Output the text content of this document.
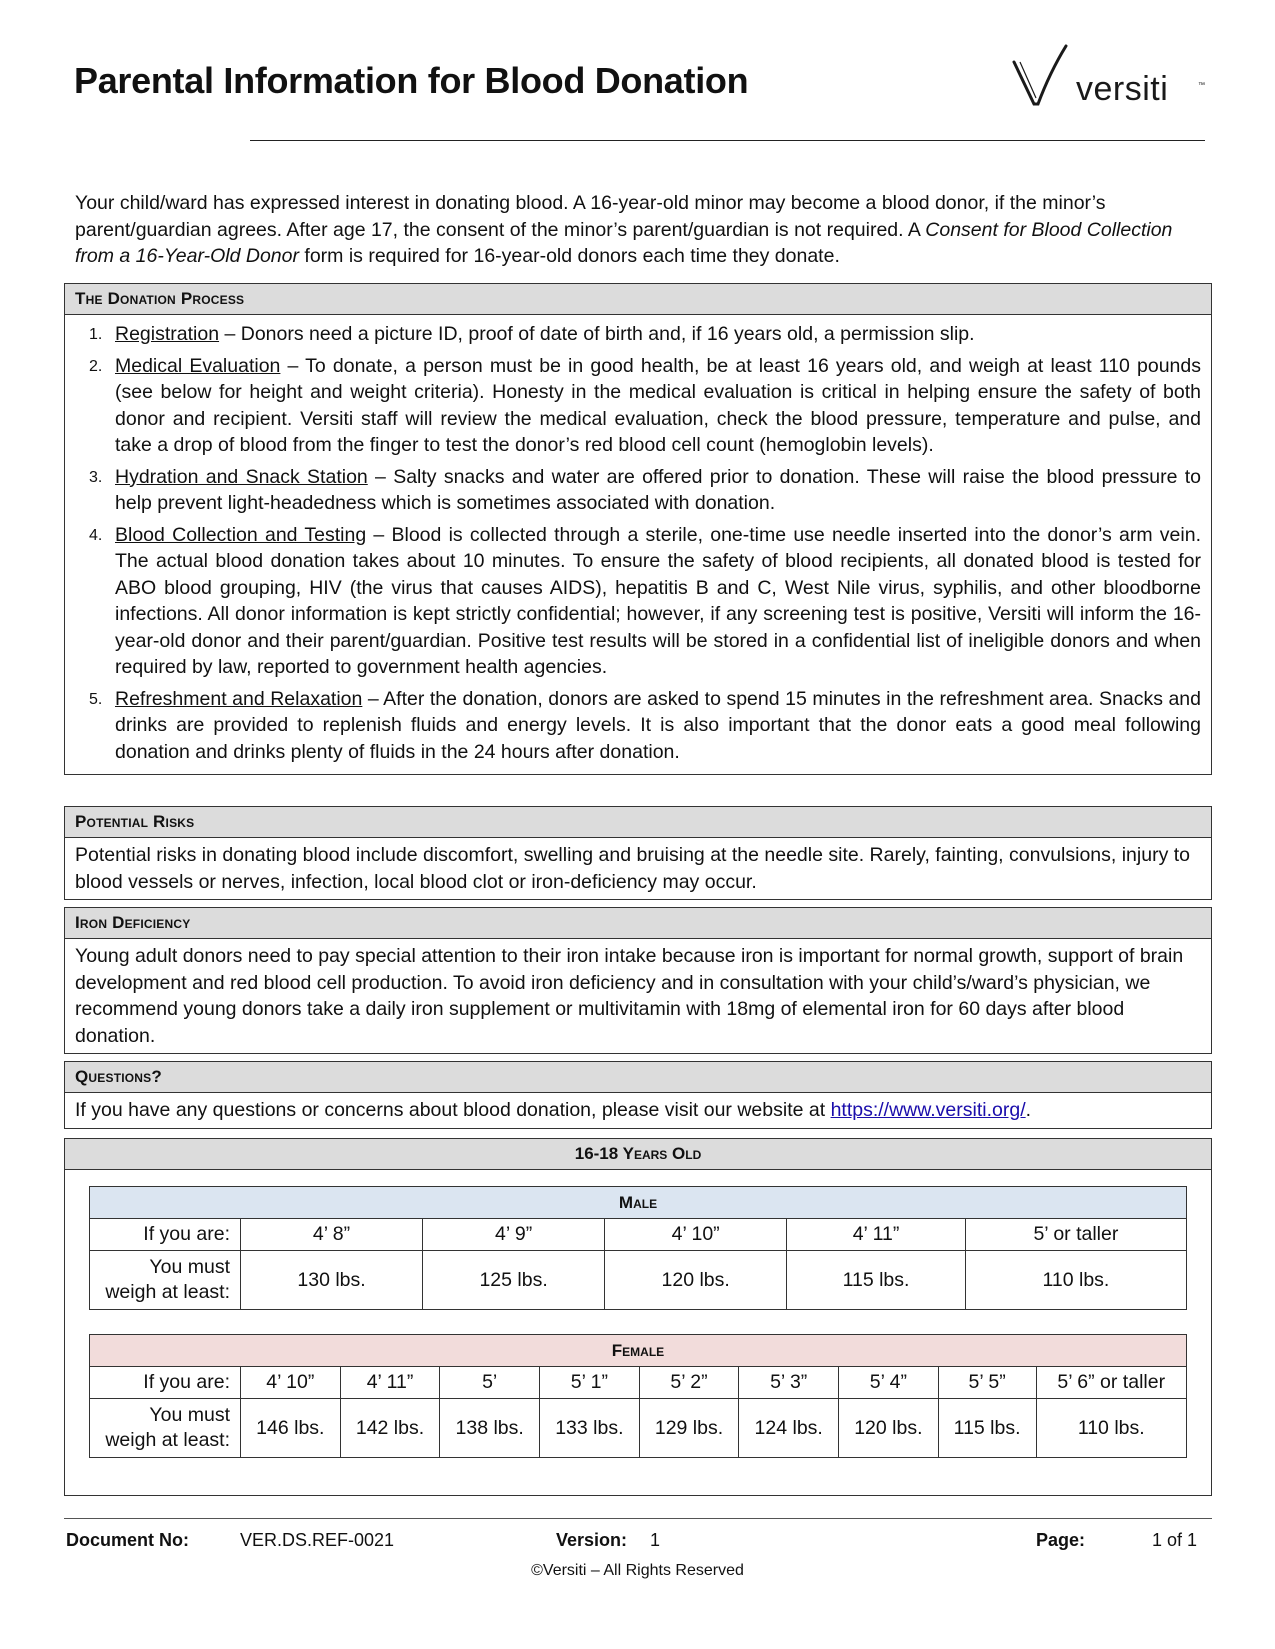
Parental Information for Blood Donation	versiti	™
Your child/ward has expressed interest in donating blood. A 16-year-old minor may become a blood donor, if the minor’s parent/guardian agrees. After age 17, the consent of the minor’s parent/guardian is not required. A Consent for Blood Collection from a 16-Year-Old Donor form is required for 16-year-old donors each time they donate.
The Donation Process
1. Registration – Donors need a picture ID, proof of date of birth and, if 16 years old, a permission slip.
2. Medical Evaluation – To donate, a person must be in good health, be at least 16 years old, and weigh at least 110 pounds (see below for height and weight criteria). Honesty in the medical evaluation is critical in helping ensure the safety of both donor and recipient. Versiti staff will review the medical evaluation, check the blood pressure, temperature and pulse, and take a drop of blood from the finger to test the donor’s red blood cell count (hemoglobin levels).
3. Hydration and Snack Station – Salty snacks and water are offered prior to donation. These will raise the blood pressure to help prevent light-headedness which is sometimes associated with donation.
4. Blood Collection and Testing – Blood is collected through a sterile, one-time use needle inserted into the donor’s arm vein. The actual blood donation takes about 10 minutes. To ensure the safety of blood recipients, all donated blood is tested for ABO blood grouping, HIV (the virus that causes AIDS), hepatitis B and C, West Nile virus, syphilis, and other bloodborne infections. All donor information is kept strictly confidential; however, if any screening test is positive, Versiti will inform the 16-year-old donor and their parent/guardian. Positive test results will be stored in a confidential list of ineligible donors and when required by law, reported to government health agencies.
5. Refreshment and Relaxation – After the donation, donors are asked to spend 15 minutes in the refreshment area. Snacks and drinks are provided to replenish fluids and energy levels. It is also important that the donor eats a good meal following donation and drinks plenty of fluids in the 24 hours after donation.
Potential Risks
Potential risks in donating blood include discomfort, swelling and bruising at the needle site. Rarely, fainting, convulsions, injury to blood vessels or nerves, infection, local blood clot or iron-deficiency may occur.
Iron Deficiency
Young adult donors need to pay special attention to their iron intake because iron is important for normal growth, support of brain development and red blood cell production. To avoid iron deficiency and in consultation with your child’s/ward’s physician, we recommend young donors take a daily iron supplement or multivitamin with 18mg of elemental iron for 60 days after blood donation.
Questions?
If you have any questions or concerns about blood donation, please visit our website at https://www.versiti.org/.
16-18 Years Old
Male					
If you are:	4’ 8”	4’ 9”	4’ 10”	4’ 11”	5’ or taller
You must
weigh at least:	130 lbs.	125 lbs.	120 lbs.	115 lbs.	110 lbs.
Female									
If you are:	4’ 10”	4’ 11”	5’	5’ 1”	5’ 2”	5’ 3”	5’ 4”	5’ 5”	5’ 6” or taller
You must
weigh at least:	146 lbs.	142 lbs.	138 lbs.	133 lbs.	129 lbs.	124 lbs.	120 lbs.	115 lbs.	110 lbs.
Document No:	VER.DS.REF-0021	Version: 1	Page:	1 of 1
©Versiti – All Rights Reserved
